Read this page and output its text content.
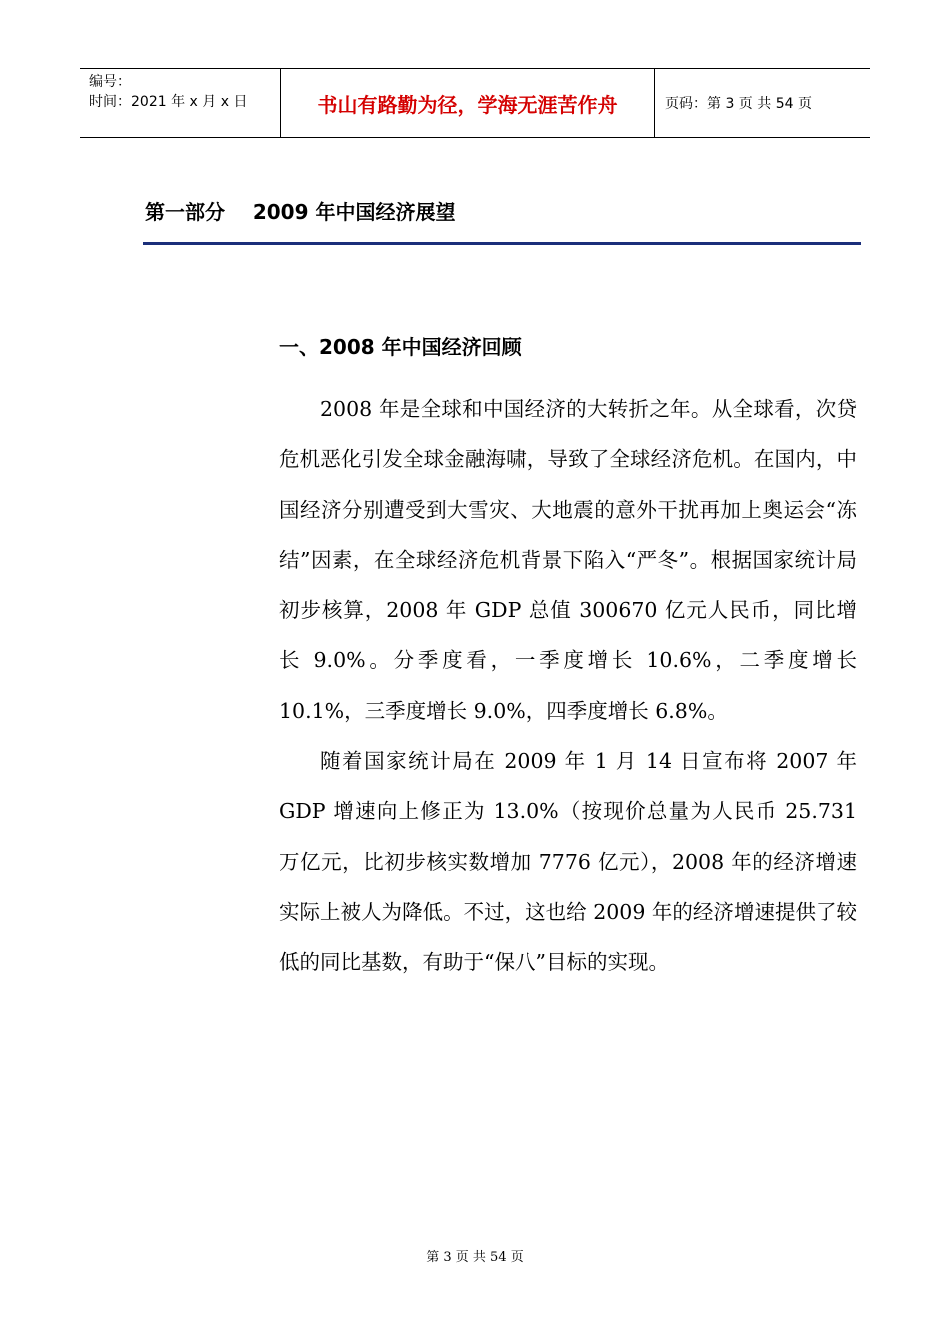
编号：
时间：2021 年 x 月 x 日	书山有路勤为径，学海无涯苦作舟	页码：第 3 页 共 54 页
第一部分    2009 年中国经济展望
一、2008 年中国经济回顾

2008 年是全球和中国经济的大转折之年。从全球看，次贷危机恶化引发全球金融海啸，导致了全球经济危机。在国内，中国经济分别遭受到大雪灾、大地震的意外干扰再加上奥运会“冻结”因素，在全球经济危机背景下陷入“严冬”。根据国家统计局初步核算，2008 年 GDP 总值 300670 亿元人民币，同比增长 9.0%。分季度看，一季度增长 10.6%，二季度增长 10.1%，三季度增长 9.0%，四季度增长 6.8%。

随着国家统计局在 2009 年 1 月 14 日宣布将 2007 年 GDP 增速向上修正为 13.0%（按现价总量为人民币 25.731 万亿元，比初步核实数增加 7776 亿元），2008 年的经济增速实际上被人为降低。不过，这也给 2009 年的经济增速提供了较低的同比基数，有助于“保八”目标的实现。

第 3 页 共 54 页
